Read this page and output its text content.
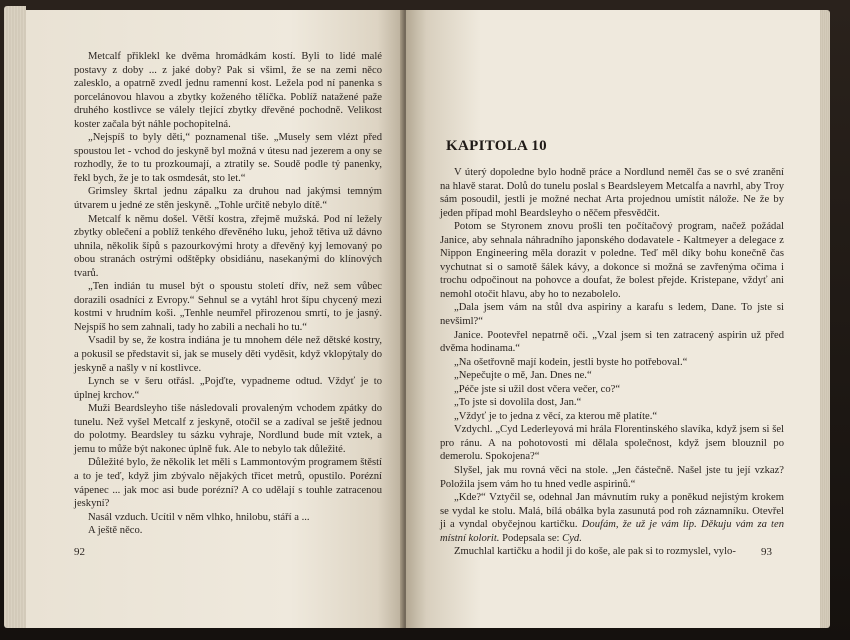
Metcalf přiklekl ke dvěma hromádkám kostí. Byli to lidé malé postavy z doby ... z jaké doby? Pak si všiml, že se na zemi něco zalesklo, a opatrně zvedl jednu ramenní kost. Ležela pod ní panenka s porcelánovou hlavou a zbytky koženého tělíčka. Poblíž natažené paže druhého kostlivce se válely tlející zbytky dřevěné pochodně. Velikost koster začala být náhle pochopitelná.

„Nejspíš to byly děti,“ poznamenal tiše. „Musely sem vlézt před spoustou let - vchod do jeskyně byl možná v útesu nad jezerem a ony se rozhodly, že to tu prozkoumají, a ztratily se. Soudě podle tý panenky, řekl bych, že je to tak osmdesát, sto let.“

Grimsley škrtal jednu zápalku za druhou nad jakýmsi temným útvarem u jedné ze stěn jeskyně. „Tohle určitě nebylo dítě.“

Metcalf k němu došel. Větší kostra, zřejmě mužská. Pod ní ležely zbytky oblečení a poblíž tenkého dřevěného luku, jehož tětiva už dávno uhnila, několik šípů s pazourkovými hroty a dřevěný kyj lemovaný po obou stranách ostrými odštěpky obsidiánu, nasekanými do klínových tvarů.

„Ten indián tu musel být o spoustu století dřív, než sem vůbec dorazili osadníci z Evropy.“ Sehnul se a vytáhl hrot šípu chycený mezi kostmi v hrudním koši. „Tenhle neumřel přirozenou smrtí, to je jasný. Nejspíš ho sem zahnali, tady ho zabili a nechali ho tu.“

Vsadil by se, že kostra indiána je tu mnohem déle než dětské kostry, a pokusil se představit si, jak se musely děti vyděsit, když vklopýtaly do jeskyně a našly v ní kostlivce.

Lynch se v šeru otřásl. „Pojďte, vypadneme odtud. Vždyť je to úplnej krchov.“

Muži Beardsleyho tiše následovali provaleným vchodem zpátky do tunelu. Než vyšel Metcalf z jeskyně, otočil se a zadíval se ještě jednou do polotmy. Beardsley tu sázku vyhraje, Nordlund bude mít vztek, a jemu to může být nakonec úplně fuk. Ale to nebylo tak důležité.

Důležité bylo, že několik let měli s Lammontovým programem štěstí a to je teď, když jim zbývalo nějakých třicet metrů, opustilo. Porézní vápenec ... jak moc asi bude porézní? A co udělají s touhle zatracenou jeskyní?

Nasál vzduch. Ucítil v něm vlhko, hnilobu, stáří a ...

A ještě něco.

92
KAPITOLA 10

V úterý dopoledne bylo hodně práce a Nordlund neměl čas se o své zranění na hlavě starat. Dolů do tunelu poslal s Beardsleyem Metcalfa a navrhl, aby Troy sám posoudil, jestli je možné nechat Arta projednou umístit nálože. Ne že by jeden případ mohl Beardsleyho o něčem přesvědčit.

Potom se Styronem znovu prošli ten počítačový program, načež požádal Janice, aby sehnala náhradního japonského dodavatele - Kaltmeyer a delegace z Nippon Engineering měla dorazit v poledne. Teď měl díky bohu konečně čas vychutnat si o samotě šálek kávy, a dokonce si možná se zavřenýma očima i trochu odpočinout na pohovce a doufat, že bolest přejde. Kristepane, vždyť ani nemohl otočit hlavu, aby ho to nezabolelo.

„Dala jsem vám na stůl dva aspiriny a karafu s ledem, Dane. To jste si nevšiml?“

Janice. Pootevřel nepatrně oči. „Vzal jsem si ten zatracený aspirin už před dvěma hodinama.“

„Na ošetřovně mají kodein, jestli byste ho potřeboval.“

„Nepečujte o mě, Jan. Dnes ne.“

„Péče jste si užil dost včera večer, co?“

„To jste si dovolila dost, Jan.“

„Vždyť je to jedna z věcí, za kterou mě platíte.“

Vzdychl. „Cyd Lederleyová mi hrála Florentinského slavíka, když jsem si šel pro ránu. A na pohotovosti mi dělala společnost, když jsem blouznil po demerolu. Spokojena?“

Slyšel, jak mu rovná věci na stole. „Jen částečně. Našel jste tu její vzkaz? Položila jsem vám ho tu hned vedle aspirinů.“

„Kde?“ Vztyčil se, odehnal Jan mávnutím ruky a poněkud nejistým krokem se vydal ke stolu. Malá, bílá obálka byla zasunutá pod roh záznamníku. Otevřel ji a vyndal obyčejnou kartičku. Doufám, že už je vám líp. Děkuju vám za ten místní kolorit. Podepsala se: Cyd.

Zmuchlal kartičku a hodil ji do koše, ale pak si to rozmyslel, vylo-	93
